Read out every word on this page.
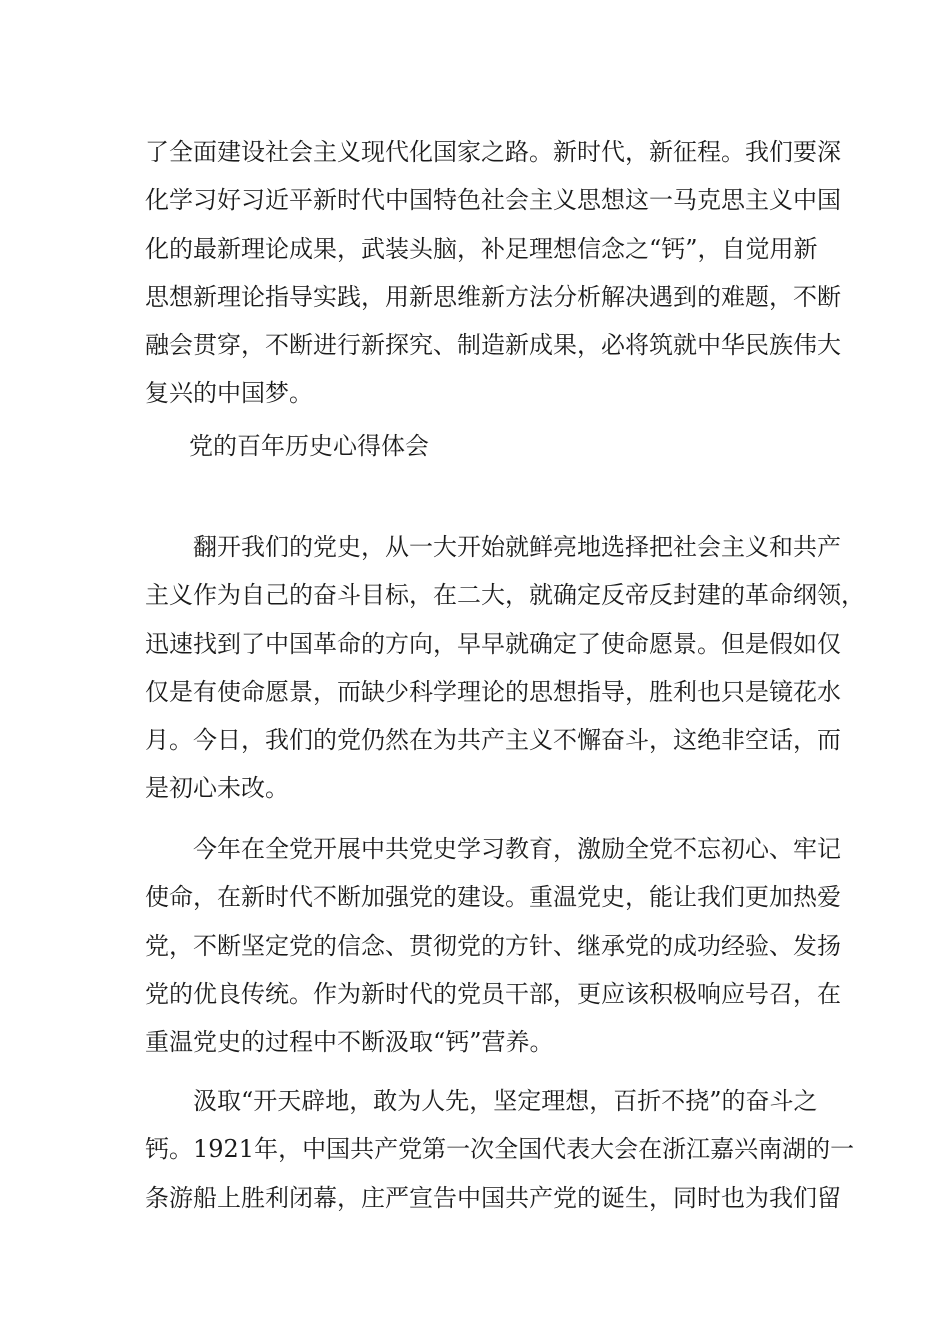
了全面建设社会主义现代化国家之路。新时代，新征程。我们要深
化学习好习近平新时代中国特色社会主义思想这一马克思主义中国
化的最新理论成果，武装头脑，补足理想信念之“钙”，自觉用新
思想新理论指导实践，用新思维新方法分析解决遇到的难题，不断
融会贯穿，不断进行新探究、制造新成果，必将筑就中华民族伟大
复兴的中国梦。
党的百年历史心得体会
翻开我们的党史，从一大开始就鲜亮地选择把社会主义和共产
主义作为自己的奋斗目标，在二大，就确定反帝反封建的革命纲领，
迅速找到了中国革命的方向，早早就确定了使命愿景。但是假如仅
仅是有使命愿景，而缺少科学理论的思想指导，胜利也只是镜花水
月。今日，我们的党仍然在为共产主义不懈奋斗，这绝非空话，而
是初心未改。
今年在全党开展中共党史学习教育，激励全党不忘初心、牢记
使命，在新时代不断加强党的建设。重温党史，能让我们更加热爱
党，不断坚定党的信念、贯彻党的方针、继承党的成功经验、发扬
党的优良传统。作为新时代的党员干部，更应该积极响应号召，在
重温党史的过程中不断汲取“钙”营养。
汲取“开天辟地，敢为人先，坚定理想，百折不挠”的奋斗之
钙。1921年，中国共产党第一次全国代表大会在浙江嘉兴南湖的一
条游船上胜利闭幕，庄严宣告中国共产党的诞生，同时也为我们留
